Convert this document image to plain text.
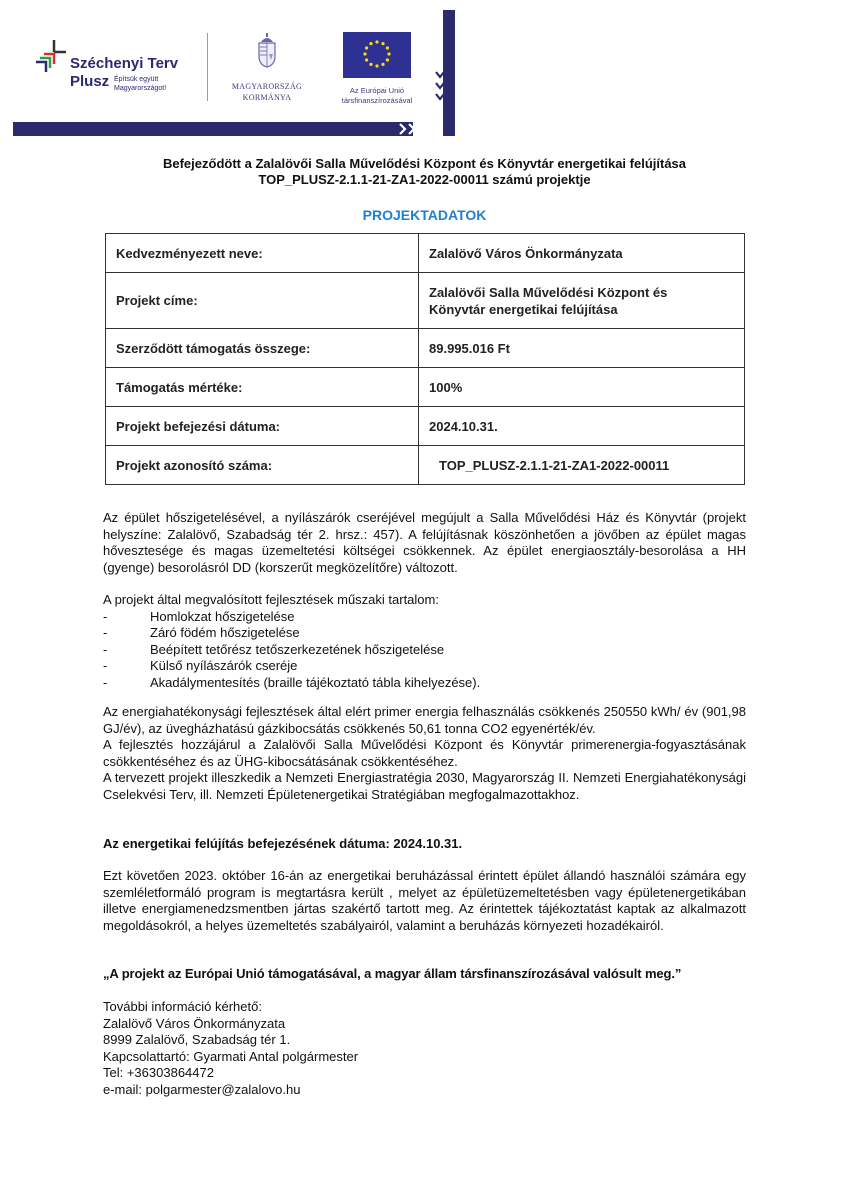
Széchenyi Terv
Plusz Építsük együtt
Magyarországot!	MAGYARORSZÁG
KORMÁNYA
Az Európai Unió
társfinanszírozásával
Befejeződött a Zalalövői Salla Művelődési Központ és Könyvtár energetikai felújítása
TOP_PLUSZ-2.1.1-21-ZA1-2022-00011 számú projektje
PROJEKTADATOK
Kedvezményezett neve:	Zalalövő Város Önkormányzata
Projekt címe:	Zalalövői Salla Művelődési Központ és Könyvtár energetikai felújítása
Szerződött támogatás összege:	89.995.016 Ft
Támogatás mértéke:	100%
Projekt befejezési dátuma:	2024.10.31.
Projekt azonosító száma:	TOP_PLUSZ-2.1.1-21-ZA1-2022-00011
Az épület hőszigetelésével, a nyílászárók cseréjével megújult a Salla Művelődési Ház és Könyvtár (projekt helyszíne: Zalalövő, Szabadság tér 2. hrsz.: 457). A felújításnak köszönhetően a jövőben az épület magas hővesztesége és magas üzemeltetési költségei csökkennek. Az épület energiaosztály-besorolása a HH (gyenge) besorolásról DD (korszerűt megközelítőre) változott.
A projekt által megvalósított fejlesztések műszaki tartalom:
-	Homlokzat hőszigetelése
-	Záró födém hőszigetelése
-	Beépített tetőrész tetőszerkezetének hőszigetelése
-	Külső nyílászárók cseréje
-	Akadálymentesítés (braille tájékoztató tábla kihelyezése).
Az energiahatékonysági fejlesztések által elért primer energia felhasználás csökkenés 250550 kWh/ év (901,98 GJ/év), az üvegházhatású gázkibocsátás csökkenés 50,61 tonna CO2 egyenérték/év.
A fejlesztés hozzájárul a Zalalövői Salla Művelődési Központ és Könyvtár primerenergia-fogyasztásának csökkentéséhez és az ÜHG-kibocsátásának csökkentéséhez.
A tervezett projekt illeszkedik a Nemzeti Energiastratégia 2030, Magyarország II. Nemzeti Energiahatékonysági Cselekvési Terv, ill. Nemzeti Épületenergetikai Stratégiában megfogalmazottakhoz.
Az energetikai felújítás befejezésének dátuma: 2024.10.31.
Ezt követően 2023. október 16-án az energetikai beruházással érintett épület állandó használói számára egy szemléletformáló program is megtartásra került , melyet az épületüzemeltetésben vagy épületenergetikában illetve energiamenedzsmentben jártas szakértő tartott meg. Az érintettek tájékoztatást kaptak az alkalmazott megoldásokról, a helyes üzemeltetés szabályairól, valamint a beruházás környezeti hozadékairól.
„A projekt az Európai Unió támogatásával, a magyar állam társfinanszírozásával valósult meg.”
További információ kérhető:
Zalalövő Város Önkormányzata
8999 Zalalövő, Szabadság tér 1.
Kapcsolattartó: Gyarmati Antal polgármester
Tel: +36303864472
e-mail: polgarmester@zalalovo.hu
